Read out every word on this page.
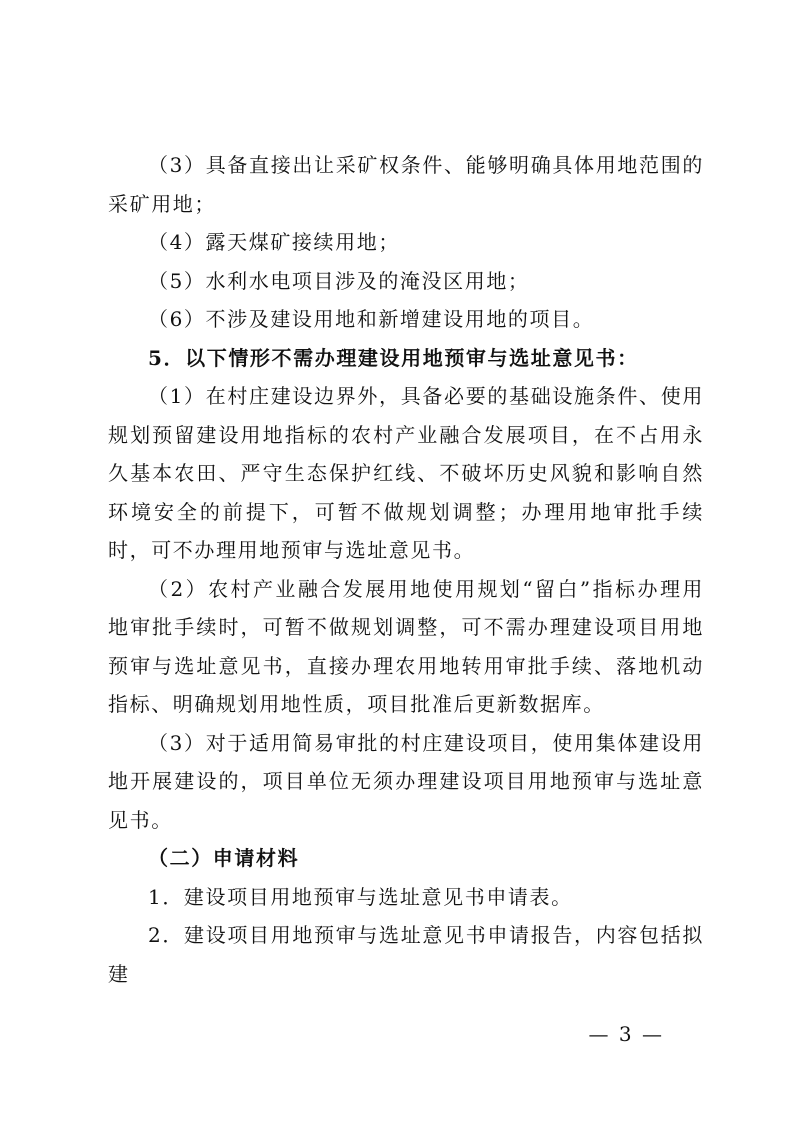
（3）具备直接出让采矿权条件、能够明确具体用地范围的采矿用地；

（4）露天煤矿接续用地；

（5）水利水电项目涉及的淹没区用地；

（6）不涉及建设用地和新增建设用地的项目。

5．以下情形不需办理建设用地预审与选址意见书：

（1）在村庄建设边界外，具备必要的基础设施条件、使用规划预留建设用地指标的农村产业融合发展项目，在不占用永久基本农田、严守生态保护红线、不破坏历史风貌和影响自然环境安全的前提下，可暂不做规划调整；办理用地审批手续时，可不办理用地预审与选址意见书。

（2）农村产业融合发展用地使用规划“留白”指标办理用地审批手续时，可暂不做规划调整，可不需办理建设项目用地预审与选址意见书，直接办理农用地转用审批手续、落地机动指标、明确规划用地性质，项目批准后更新数据库。

（3）对于适用简易审批的村庄建设项目，使用集体建设用地开展建设的，项目单位无须办理建设项目用地预审与选址意见书。

（二）申请材料

1．建设项目用地预审与选址意见书申请表。

2．建设项目用地预审与选址意见书申请报告，内容包括拟建

— 3 —
